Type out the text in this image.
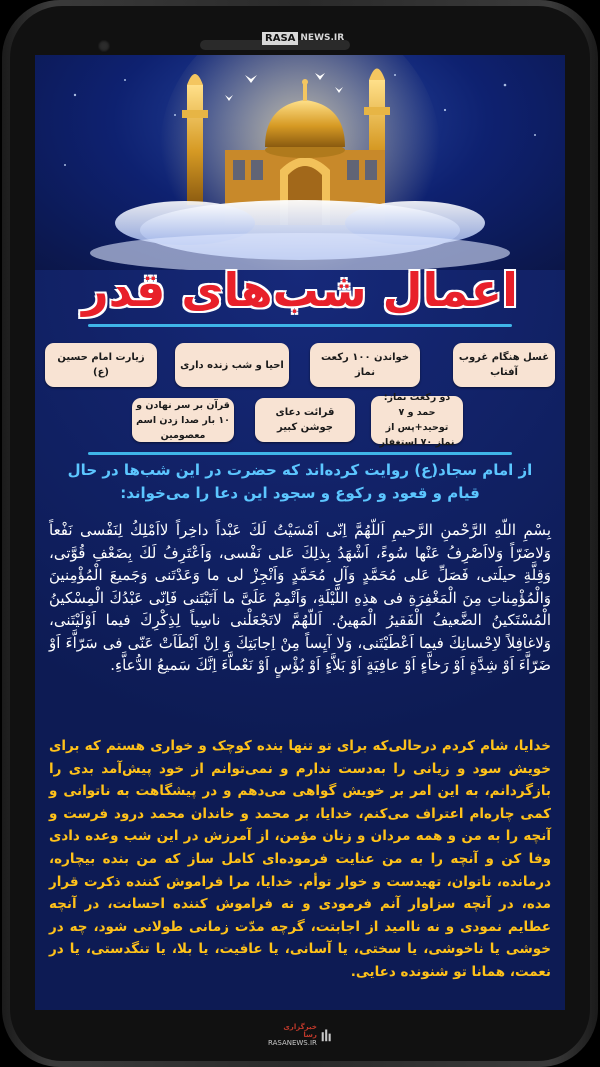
RASA NEWS.IR
اعمال شب‌های قدر
غسل هنگام غروب آفتاب
خواندن ۱۰۰ رکعت نماز
احیا و شب زنده داری
زیارت امام حسین (ع)
دو رکعت نماز: حمد و ۷ توحید+پس از نماز ۷۰ استغفار
قرائت دعای جوشن کبیر
قرآن بر سر نهادن و ۱۰ بار صدا زدن اسم معصومین
از امام سجاد(ع) روایت کرده‌اند که حضرت در این شب‌ها در حال قیام و قعود و رکوع و سجود این دعا را می‌خواند:
بِسْمِ اللّهِ الرَّحْمنِ الرَّحيمِ اَللّهُمَّ اِنّى اَمْسَيْتُ لَكَ عَبْداً داخِراً لااَمْلِكُ لِنَفْسى نَفْعاً وَلاضَرّاً وَلااَصْرِفُ عَنْها سُوءً، اَشْهَدُ بِذلِكَ عَلى نَفْسى، وَاَعْتَرِفُ لَكَ بِضَعْفِ قُوَّتى، وَقِلَّةِ حيلَتى، فَصَلِّ عَلى مُحَمَّدٍ وَآلِ مُحَمَّدٍ وَاَنْجِزْ لى ما وَعَدْتَنى وَجَميعَ الْمُؤْمِنينَ وَالْمُؤْمِناتِ مِنَ الْمَغْفِرَةِ فى هذِهِ اللَّيْلَةِ، وَاَتْمِمْ عَلَىَّ ما آتَيْتَنى فَاِنّى عَبْدُكَ الْمِسْكينُ الْمُسْتَكينُ الضَّعيفُ الْفَقيرُ الْمَهينُ. اَللّهُمَّ لاتَجْعَلْنى ناسِياً لِذِكْرِكَ فيما اَوْلَيْتَنى، وَلاغافِلاً لاِحْسانِكَ فيما اَعْطَيْتَنى، وَلا آيِساً مِنْ اِجابَتِكَ وَ اِنْ اَبْطَاَتْ عَنّى فى سَرّاَّءَ اَوْ ضَرّاَّءَ اَوْ شِدَّةٍ اَوْ رَخاَّءٍ اَوْ عافِيَةٍ اَوْ بَلاَّءٍ اَوْ بُؤْسٍ اَوْ نَعْماَّءَ اِنَّكَ سَميعُ الدُّعاَّءِ.
خدایا، شام کردم درحالی‌که برای تو تنها بنده کوچک و خواری هستم که برای خویش سود و زیانی را به‌دست ندارم و نمی‌توانم از خود پیش‌آمد بدی را بازگردانم، به این امر بر خویش گواهی می‌دهم و در پیشگاهت به ناتوانی و کمی چاره‌ام اعتراف می‌کنم، خدایا، بر محمد و خاندان محمد درود فرست و آنچه را به من و همه مردان و زنان مؤمن، از آمرزش در این شب وعده دادی وفا کن و آنچه را به من عنایت فرموده‌ای کامل ساز که من بنده بیچاره، درمانده، ناتوان، تهیدست و خوار توأم. خدایا، مرا فراموش کننده ذکرت قرار مده، در آنچه سزاوار آنم فرمودی و نه فراموش کننده احسانت، در آنچه عطایم نمودی و نه ناامید از اجابتت، گرچه مدّت زمانی طولانی شود، چه در خوشی یا ناخوشی، یا سختی، یا آسانی، یا عافیت، یا بلا، یا تنگدستی، یا در نعمت، همانا تو شنونده دعایی.
خبرگزاری رسا
RASANEWS.IR
